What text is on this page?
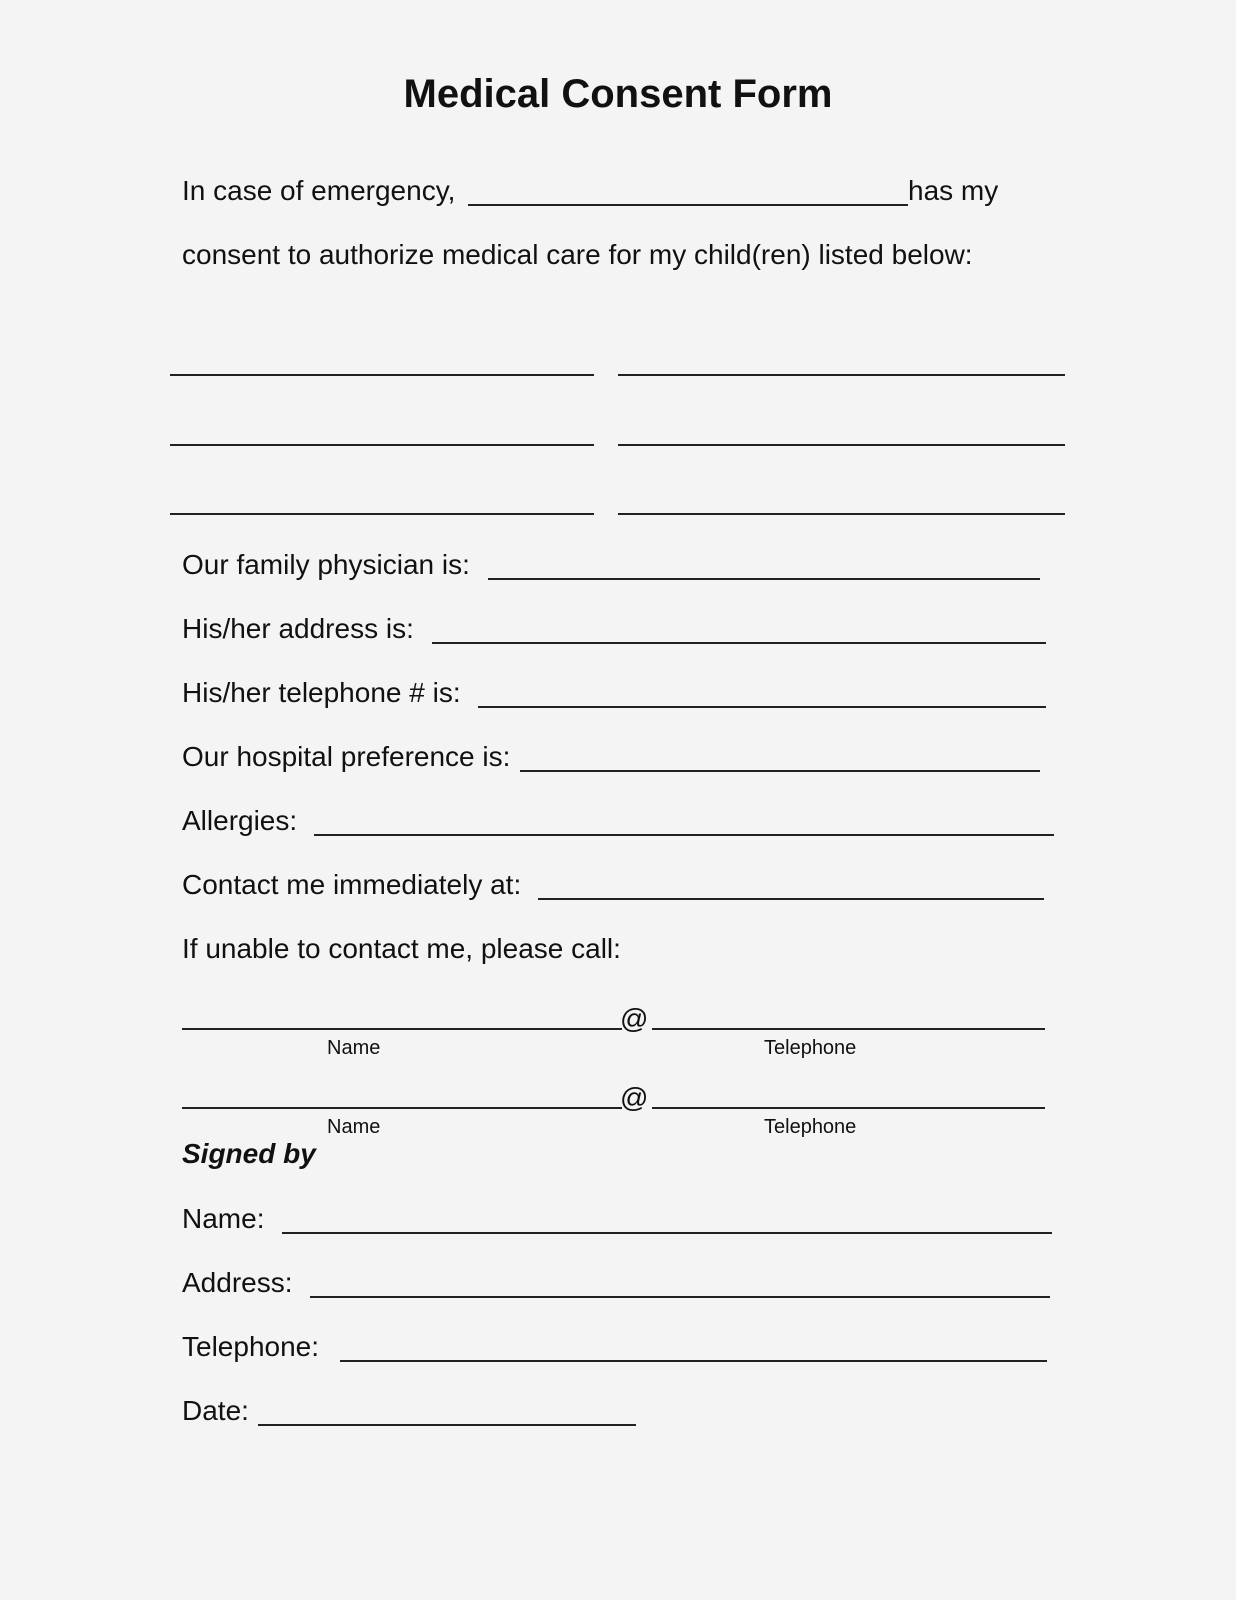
Medical Consent Form
In case of emergency,	has my
consent to authorize medical care for my child(ren) listed below:
Our family physician is:
His/her address is:
His/her telephone # is:
Our hospital preference is:
Allergies:
Contact me immediately at:
If unable to contact me, please call:
@
Name	Telephone
@
Name	Telephone
Signed by
Name:
Address:
Telephone:
Date:
